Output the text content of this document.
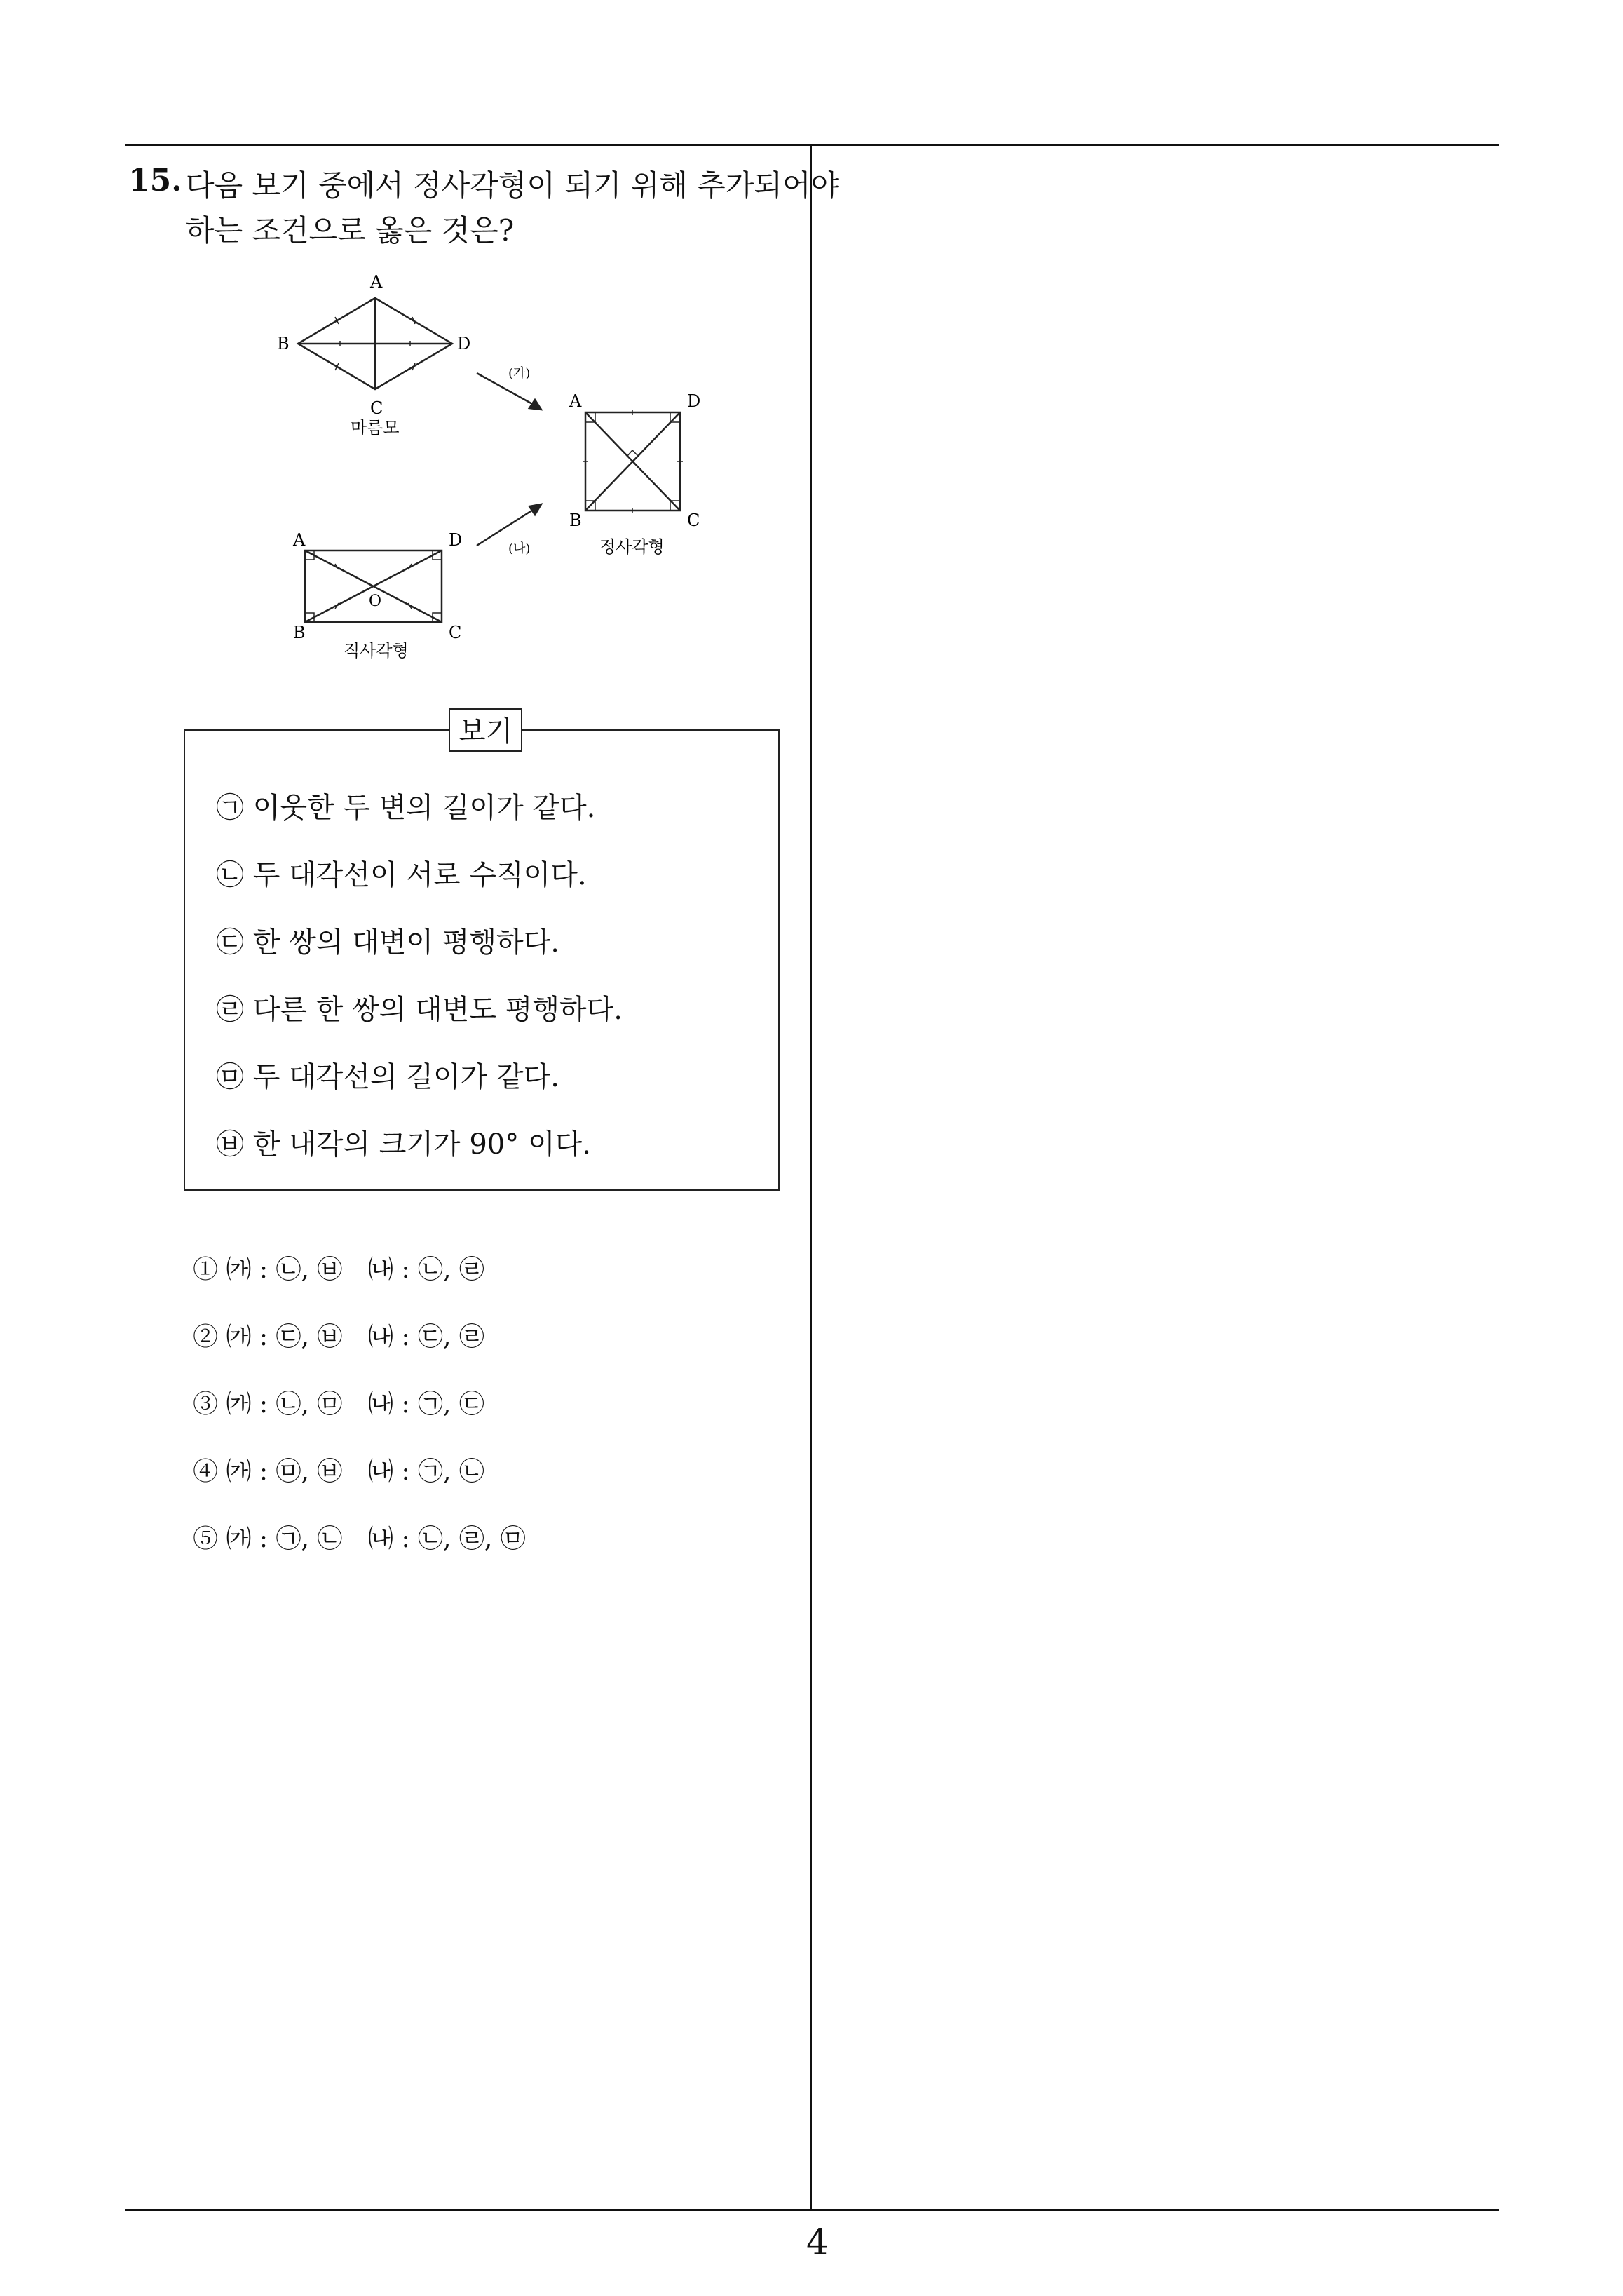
15. 다음 보기 중에서 정사각형이 되기 위해 추가되어야
하는 조건으로 옳은 것은?
A
B	D
C
마름모
(가)
(나)
A	D
B	C
정사각형
A	D
B	C
O
직사각형
보기
㉠ 이웃한 두 변의 길이가 같다.
㉡ 두 대각선이 서로 수직이다.
㉢ 한 쌍의 대변이 평행하다.
㉣ 다른 한 쌍의 대변도 평행하다.
㉤ 두 대각선의 길이가 같다.
㉥ 한 내각의 크기가 90° 이다.
① ㈎ : ㉡, ㉥ ㈏ : ㉡, ㉣
② ㈎ : ㉢, ㉥ ㈏ : ㉢, ㉣
③ ㈎ : ㉡, ㉤ ㈏ : ㉠, ㉢
④ ㈎ : ㉤, ㉥ ㈏ : ㉠, ㉡
⑤ ㈎ : ㉠, ㉡ ㈏ : ㉡, ㉣, ㉤
4
